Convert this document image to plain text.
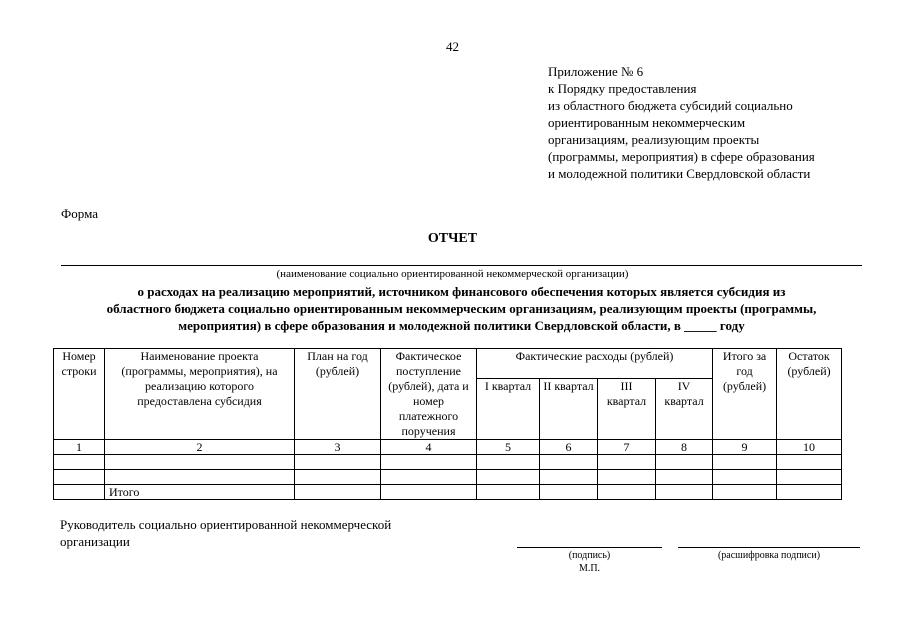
42
Приложение № 6
к Порядку предоставления
из областного бюджета субсидий социально
ориентированным некоммерческим
организациям, реализующим проекты
(программы, мероприятия) в сфере образования
и молодежной политики Свердловской области
Форма
ОТЧЕТ
(наименование социально ориентированной некоммерческой организации)
о расходах на реализацию мероприятий, источником финансового обеспечения которых является субсидия из
областного бюджета социально ориентированным некоммерческим организациям, реализующим проекты (программы,
мероприятия) в сфере образования и молодежной политики Свердловской области, в _____ году
Номер строки	Наименование проекта (программы, мероприятия), на реализацию которого предоставлена субсидия	План на год (рублей)	Фактическое поступление (рублей), дата и номер платежного поручения	Фактические расходы (рублей)				Итого за год (рублей)	Остаток (рублей)
				I квартал	II квартал	III квартал	IV квартал		
1	2	3	4	5	6	7	8	9	10

	Итого								
Руководитель социально ориентированной некоммерческой организации
(подпись)	(расшифровка подписи)
М.П.
